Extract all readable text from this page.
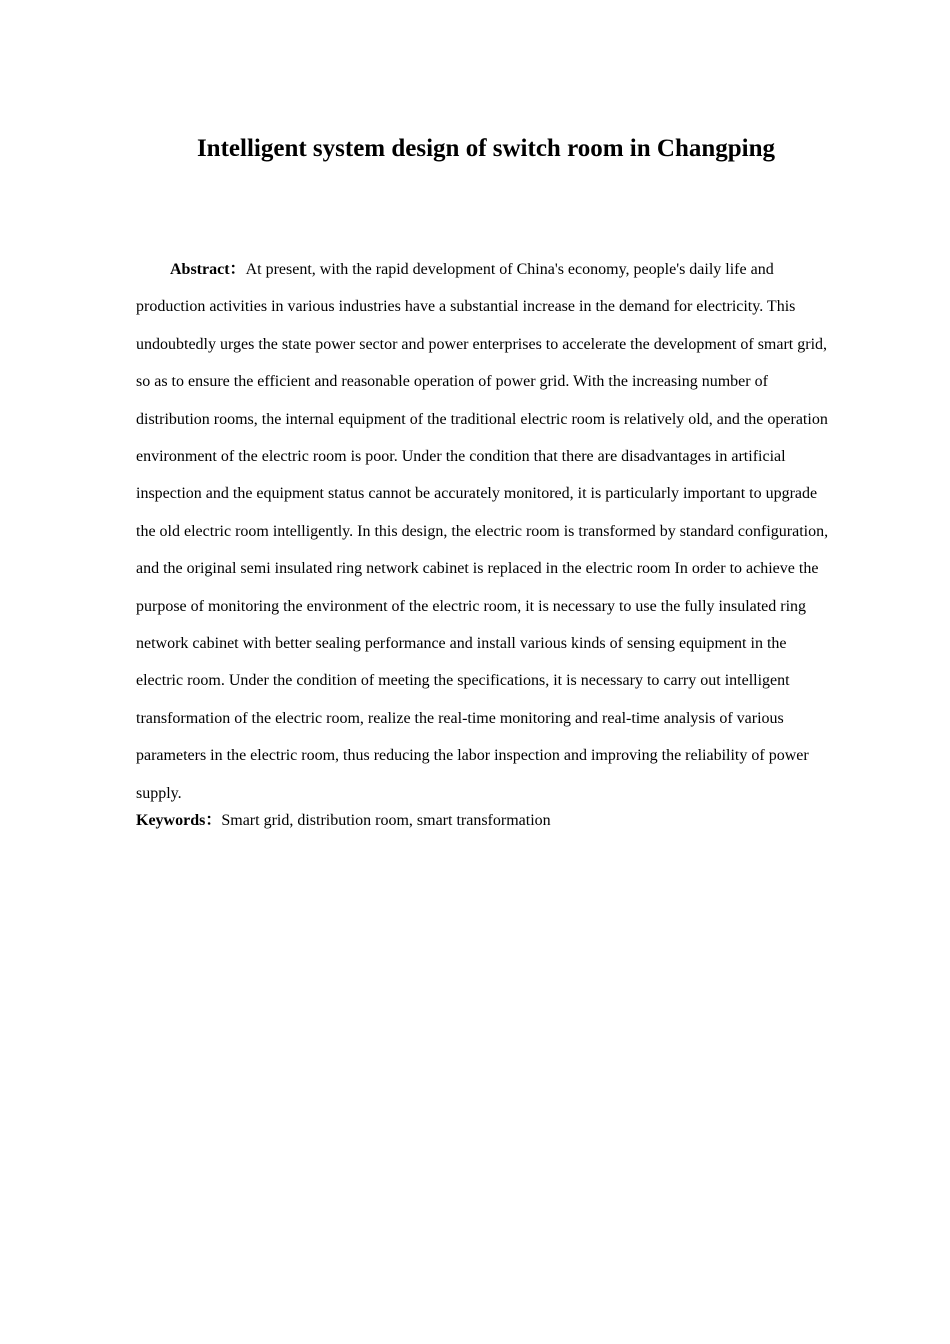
Intelligent system design of switch room in Changping

Abstract：At present, with the rapid development of China's economy, people's daily life and production activities in various industries have a substantial increase in the demand for electricity. This undoubtedly urges the state power sector and power enterprises to accelerate the development of smart grid, so as to ensure the efficient and reasonable operation of power grid. With the increasing number of distribution rooms, the internal equipment of the traditional electric room is relatively old, and the operation environment of the electric room is poor. Under the condition that there are disadvantages in artificial inspection and the equipment status cannot be accurately monitored, it is particularly important to upgrade the old electric room intelligently. In this design, the electric room is transformed by standard configuration, and the original semi insulated ring network cabinet is replaced in the electric room In order to achieve the purpose of monitoring the environment of the electric room, it is necessary to use the fully insulated ring network cabinet with better sealing performance and install various kinds of sensing equipment in the electric room. Under the condition of meeting the specifications, it is necessary to carry out intelligent transformation of the electric room, realize the real-time monitoring and real-time analysis of various parameters in the electric room, thus reducing the labor inspection and improving the reliability of power supply.

Keywords：Smart grid, distribution room, smart transformation
